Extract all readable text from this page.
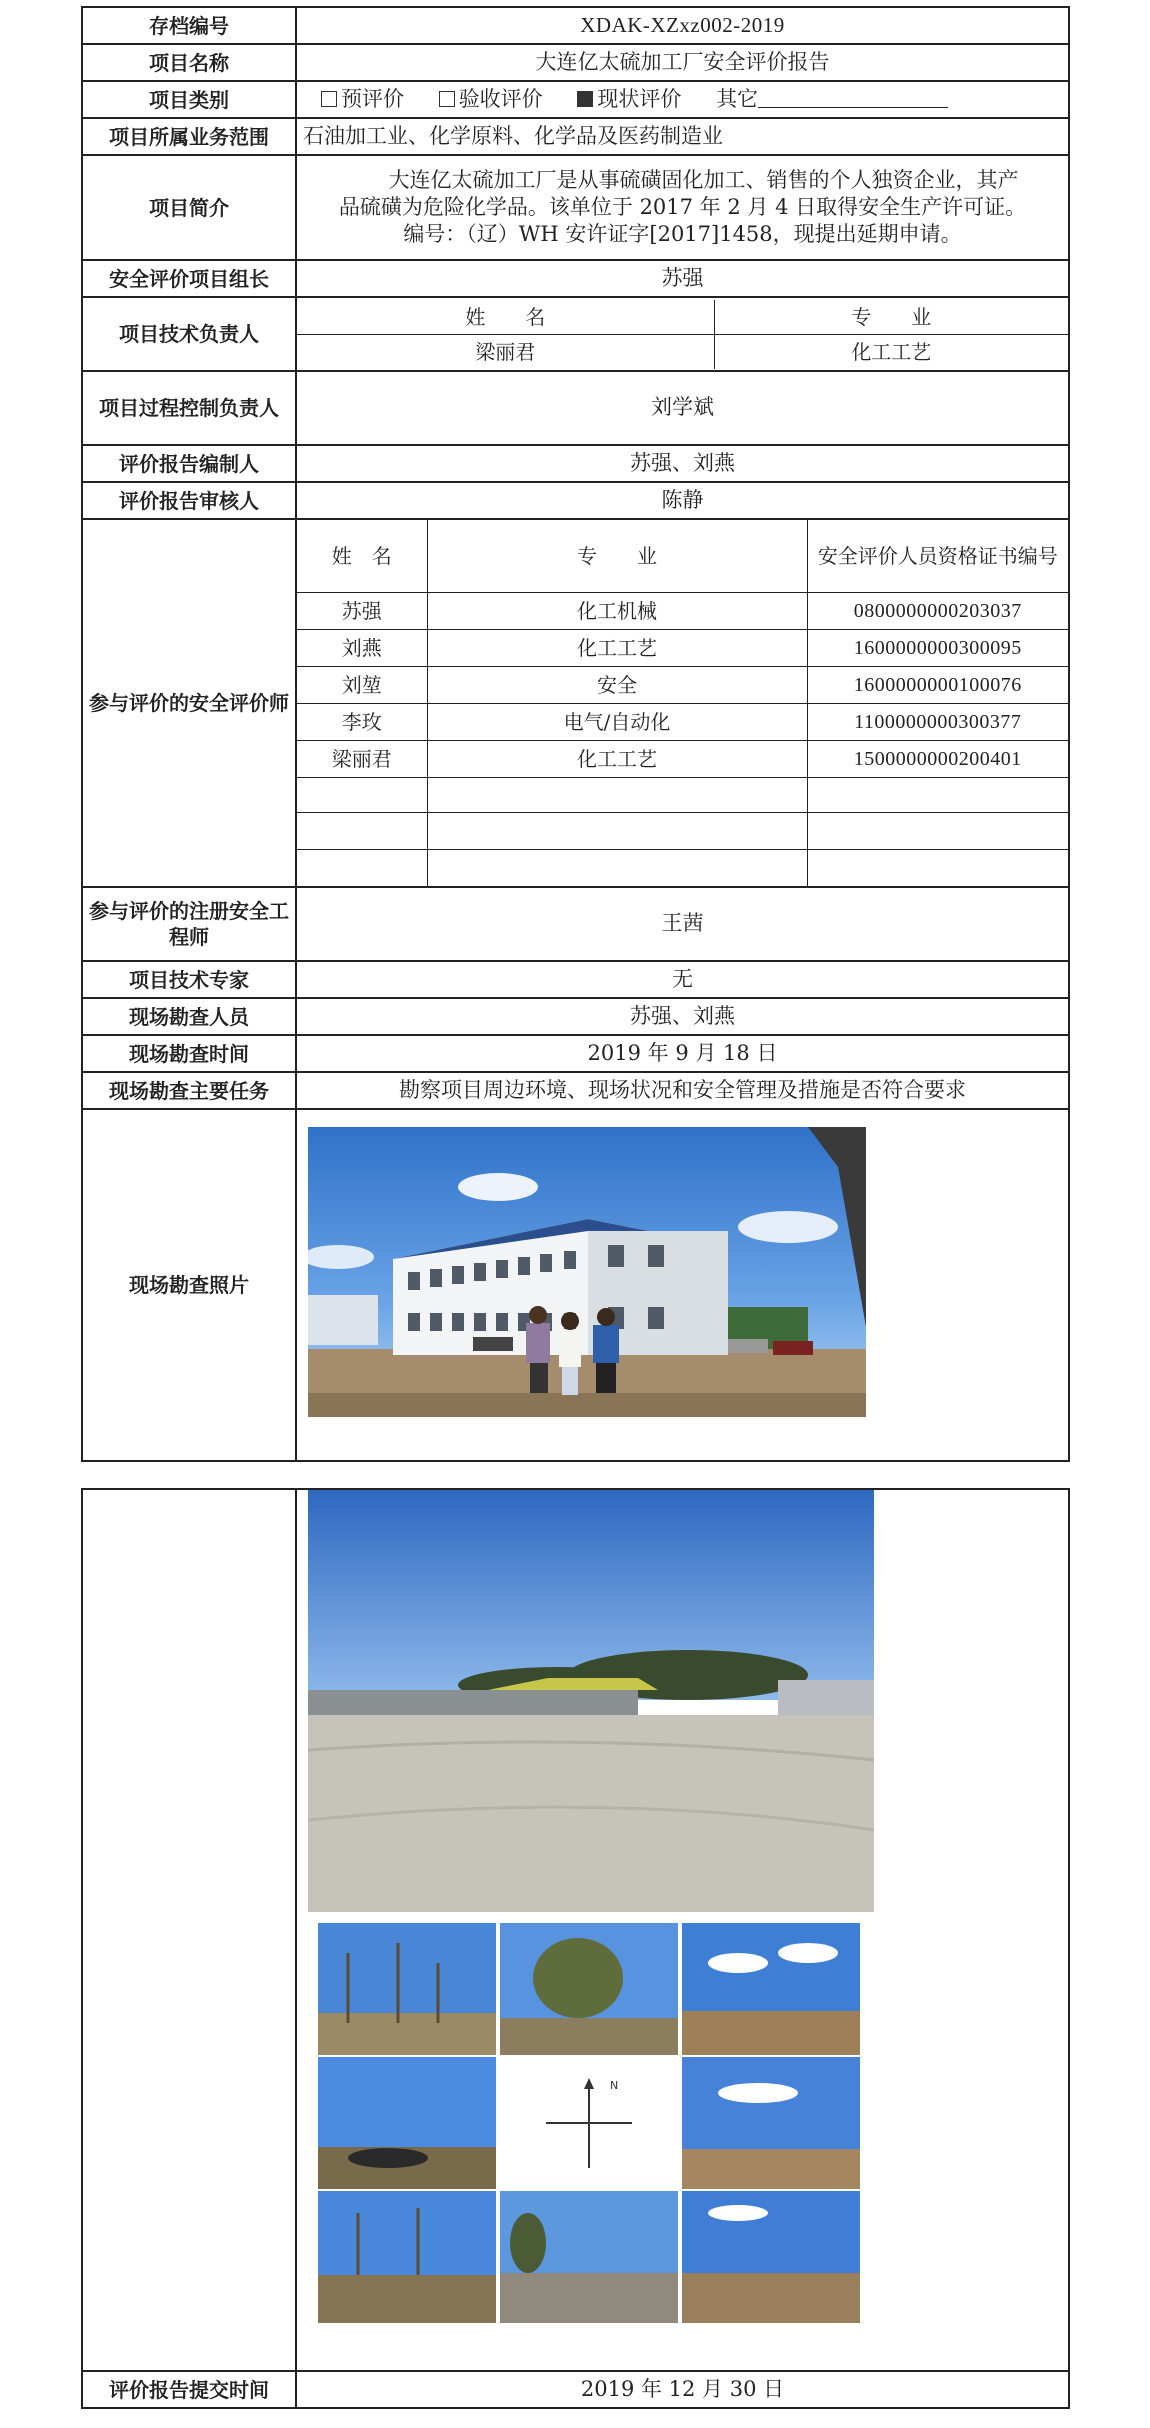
存档编号	XDAK-XZxz002-2019
项目名称	大连亿太硫加工厂安全评价报告
项目类别	预评价	验收评价	现状评价 其它
项目所属业务范围	石油加工业、化学原料、化学品及医药制造业
项目简介	大连亿太硫加工厂是从事硫磺固化加工、销售的个人独资企业，其产
品硫磺为危险化学品。该单位于 2017 年 2 月 4 日取得安全生产许可证。
编号：（辽）WH 安许证字[2017]1458，现提出延期申请。

安全评价项目组长	苏强
项目技术负责人	
姓　　名	专　　业
梁丽君	化工工艺

项目过程控制负责人	刘学斌
评价报告编制人	苏强、刘燕
评价报告审核人	陈静
参与评价的安全评价师	
姓　名	专　　业	安全评价人员资格证书编号
苏强	化工机械	0800000000203037
刘燕	化工工艺	1600000000300095
刘堃	安全	1600000000100076
李玫	电气/自动化	1100000000300377
梁丽君	化工工艺	1500000000200401

参与评价的注册安全工程师	王茜
项目技术专家	无
现场勘查人员	苏强、刘燕
现场勘查时间	2019 年 9 月 18 日
现场勘查主要任务	勘察项目周边环境、现场状况和安全管理及措施是否符合要求
现场勘查照片	

评价报告提交时间	2019 年 12 月 30 日
N
